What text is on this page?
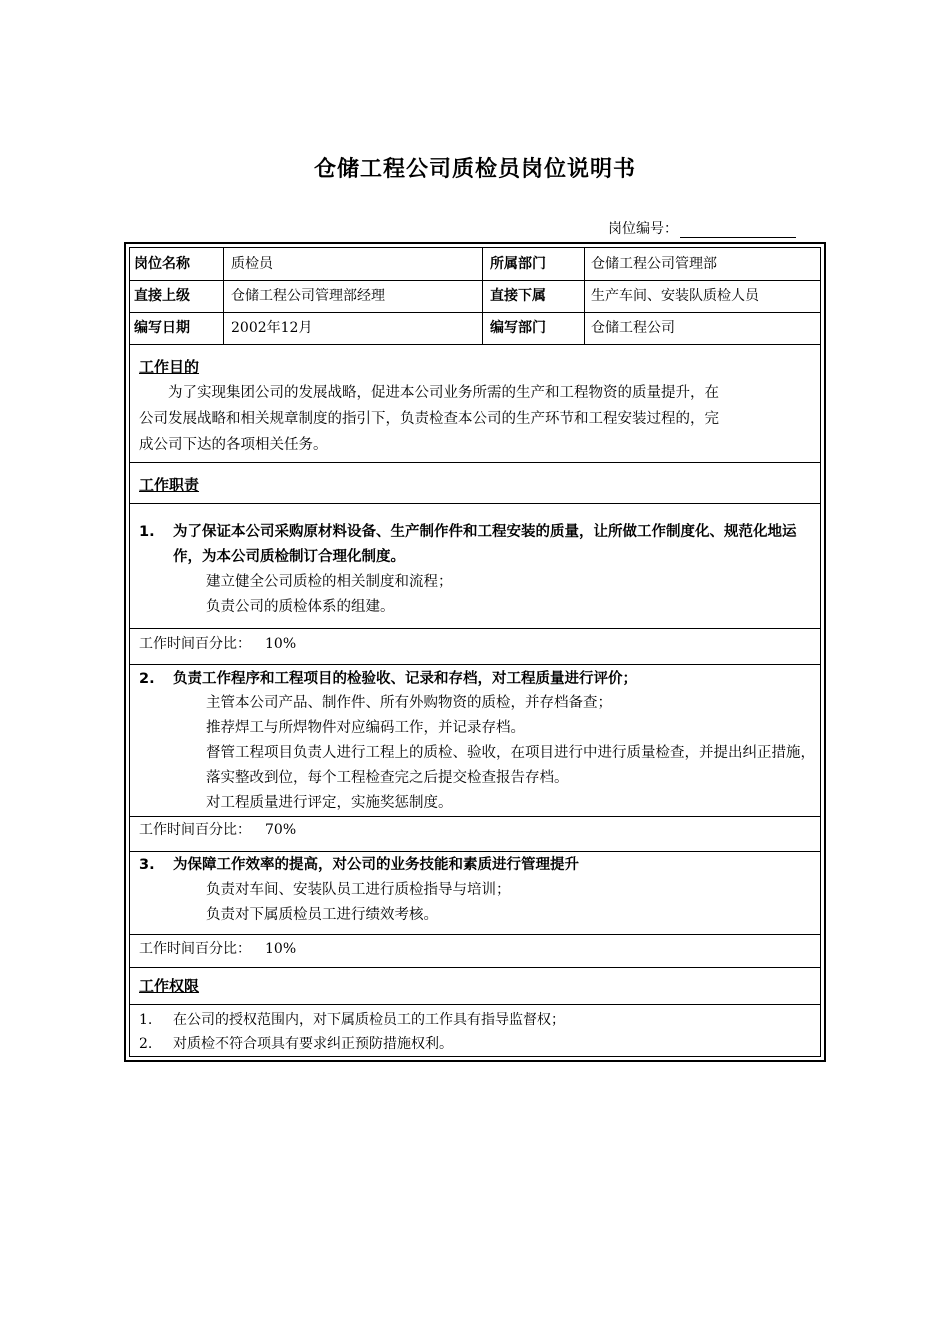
仓储工程公司质检员岗位说明书
岗位编号：
岗位名称	质检员	所属部门	仓储工程公司管理部
直接上级	仓储工程公司管理部经理	直接下属	生产车间、安装队质检人员
编写日期	2002年12月	编写部门	仓储工程公司
工作目的
为了实现集团公司的发展战略，促进本公司业务所需的生产和工程物资的质量提升，在
公司发展战略和相关规章制度的指引下，负责检查本公司的生产环节和工程安装过程的，完
成公司下达的各项相关任务。
工作职责
1. 为了保证本公司采购原材料设备、生产制作件和工程安装的质量，让所做工作制度化、规范化地运作，为本公司质检制订合理化制度。
建立健全公司质检的相关制度和流程；
负责公司的质检体系的组建。
工作时间百分比： 10%
2. 负责工作程序和工程项目的检验收、记录和存档，对工程质量进行评价；
主管本公司产品、制作件、所有外购物资的质检，并存档备查；
推荐焊工与所焊物件对应编码工作，并记录存档。
督管工程项目负责人进行工程上的质检、验收，在项目进行中进行质量检查，并提出纠正措施，落实整改到位，每个工程检查完之后提交检查报告存档。
对工程质量进行评定，实施奖惩制度。
工作时间百分比： 70%
3. 为保障工作效率的提高，对公司的业务技能和素质进行管理提升
负责对车间、安装队员工进行质检指导与培训；
负责对下属质检员工进行绩效考核。
工作时间百分比： 10%
工作权限
1. 在公司的授权范围内，对下属质检员工的工作具有指导监督权；
2. 对质检不符合项具有要求纠正预防措施权利。
